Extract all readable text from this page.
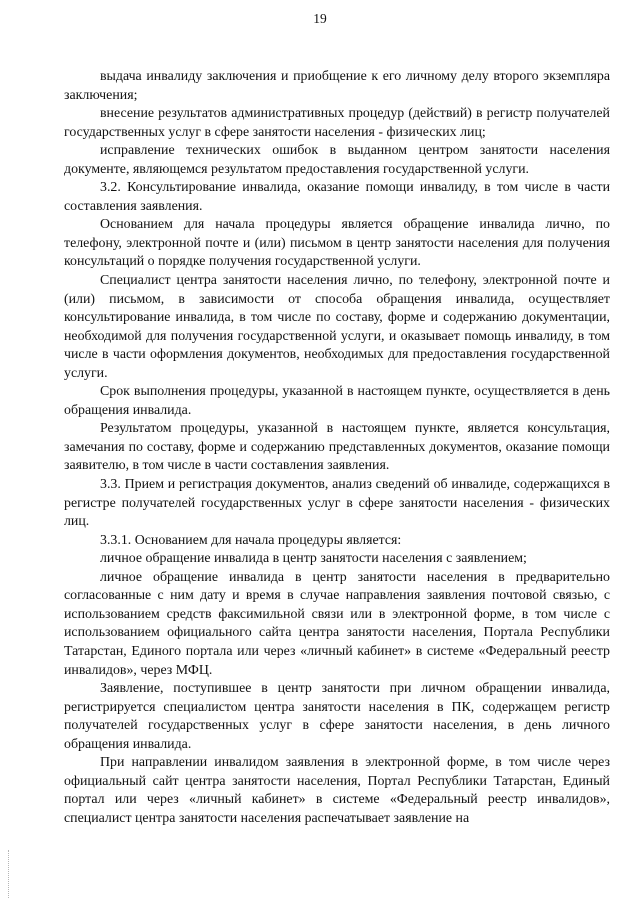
19

выдача инвалиду заключения и приобщение к его личному делу второго экземпляра заключения;

внесение результатов административных процедур (действий) в регистр получателей государственных услуг в сфере занятости населения - физических лиц;

исправление технических ошибок в выданном центром занятости населения документе, являющемся результатом предоставления государственной услуги.

3.2. Консультирование инвалида, оказание помощи инвалиду, в том числе в части составления заявления.

Основанием для начала процедуры является обращение инвалида лично, по телефону, электронной почте и (или) письмом в центр занятости населения для получения консультаций о порядке получения государственной услуги.

Специалист центра занятости населения лично, по телефону, электронной почте и (или) письмом, в зависимости от способа обращения инвалида, осуществляет консультирование инвалида, в том числе по составу, форме и содержанию документации, необходимой для получения государственной услуги, и оказывает помощь инвалиду, в том числе в части оформления документов, необходимых для предоставления государственной услуги.

Срок выполнения процедуры, указанной в настоящем пункте, осуществляется в день обращения инвалида.

Результатом процедуры, указанной в настоящем пункте, является консультация, замечания по составу, форме и содержанию представленных документов, оказание помощи заявителю, в том числе в части составления заявления.

3.3. Прием и регистрация документов, анализ сведений об инвалиде, содержащихся в регистре получателей государственных услуг в сфере занятости населения - физических лиц.

3.3.1. Основанием для начала процедуры является:

личное обращение инвалида в центр занятости населения с заявлением;

личное обращение инвалида в центр занятости населения в предварительно согласованные с ним дату и время в случае направления заявления почтовой связью, с использованием средств факсимильной связи или в электронной форме, в том числе с использованием официального сайта центра занятости населения, Портала Республики Татарстан, Единого портала или через «личный кабинет» в системе «Федеральный реестр инвалидов», через МФЦ.

Заявление, поступившее в центр занятости при личном обращении инвалида, регистрируется специалистом центра занятости населения в ПК, содержащем регистр получателей государственных услуг в сфере занятости населения, в день личного обращения инвалида.

При направлении инвалидом заявления в электронной форме, в том числе через официальный сайт центра занятости населения, Портал Республики Татарстан, Единый портал или через «личный кабинет» в системе «Федеральный реестр инвалидов», специалист центра занятости населения распечатывает заявление на
